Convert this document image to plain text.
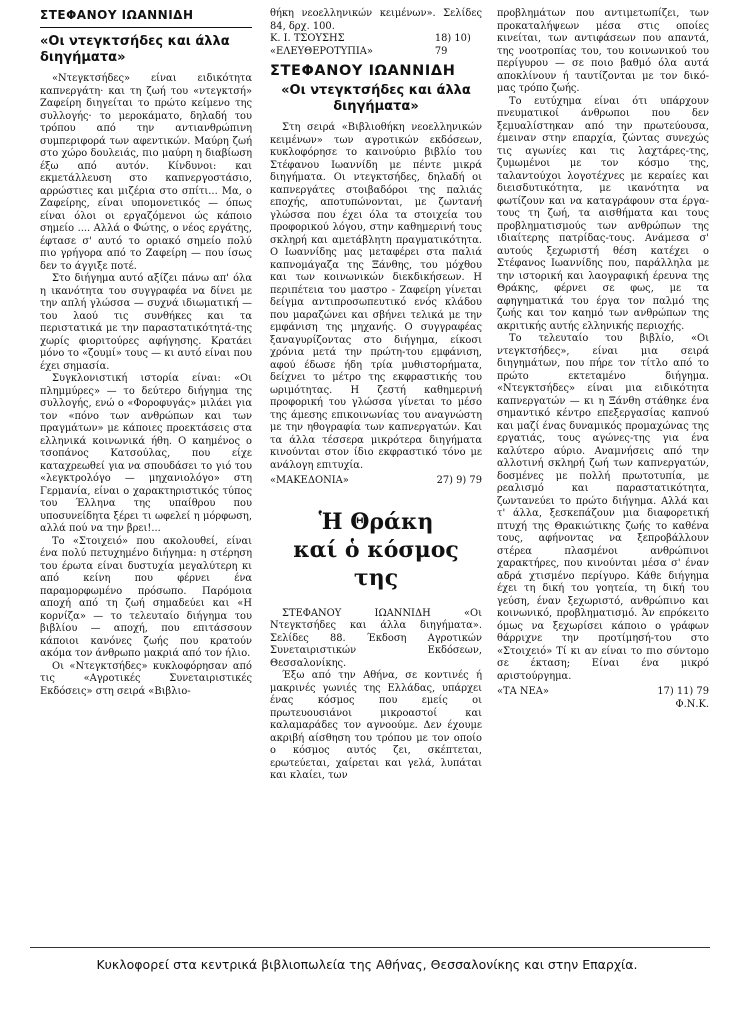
ΣΤΕΦΑΝΟΥ ΙΩΑΝΝΙΔΗ
«Οι ντεγκτσήδες και άλλα διηγήματα»

«Ντεγκτσήδες» είναι ειδικότητα καπνεργάτη· και τη ζωή του «ντεγκτσή» Ζαφείρη διηγείται το πρώτο κείμενο της συλλογής· το μεροκάματο, δηλαδή του τρόπου από την αντιανθρώπινη συμπεριφορά των αφεντικών. Μαύρη ζωή στο χώρο δουλειάς, πιο μαύρη η διαβίωση έξω από αυτόν. Κίνδυνοι: και εκμετάλλευση στο καπνεργοστάσιο, αρρώστιες και μιζέρια στο σπίτι... Μα, ο Ζαφείρης, είναι υπομονετικός — όπως είναι όλοι οι εργαζόμενοι ώς κάποιο σημείο .... Αλλά ο Φώτης, ο νέος εργάτης, έφτασε σ' αυτό το οριακό σημείο πολύ πιο γρήγορα από το Ζαφείρη — που ίσως δεν το άγγιξε ποτέ.

Στο διήγημα αυτό αξίζει πάνω απ' όλα η ικανότητα του συγγραφέα να δίνει με την απλή γλώσσα — συχνά ιδιωματική — του λαού τις συνθήκες και τα περιστατικά με την παραστατικότητά-της χωρίς φιοριτούρες αφήγησης. Κρατάει μόνο το «ζουμί» τους — κι αυτό είναι που έχει σημασία.

Συγκλονιστική ιστορία είναι: «Οι πλημμύρες» — το δεύτερο διήγημα της συλλογής, ενώ ο «Φοροφυγάς» μιλάει για τον «πόνο των ανθρώπων και των πραγμάτων» με κάποιες προεκτάσεις στα ελληνικά κοινωνικά ήθη. Ο καημένος ο τσοπάνος Κατσούλας, που είχε καταχρεωθεί για να σπουδάσει το γιό του «λεγκτρολόγο — μηχανιολόγο» στη Γερμανία, είναι ο χαρακτηριστικός τύπος του Έλληνα της υπαίθρου που υποσυνείδητα ξέρει τι ωφελεί η μόρφωση, αλλά πού να την βρει!...

Το «Στοιχειό» που ακολουθεί, είναι ένα πολύ πετυχημένο διήγημα: η στέρηση του έρωτα είναι δυστυχία μεγαλύτερη κι από κείνη που φέρνει ένα παραμορφωμένο πρόσωπο. Παρόμοια αποχή από τη ζωή σημαδεύει και «Η κορνίζα» — το τελευταίο διήγημα του βιβλίου — αποχή, που επιτάσσουν κάποιοι κανόνες ζωής που κρατούν ακόμα τον άνθρωπο μακριά από τον ήλιο.

Οι «Ντεγκτσήδες» κυκλοφόρησαν από τις «Αγροτικές Συνεταιριστικές Εκδόσεις» στη σειρά «Βιβλιο-

θήκη νεοελληνικών κειμένων». Σελίδες 84, δρχ. 100.

Κ. Ι. ΤΣΟΥΣΗΣ «ΕΛΕΥΘΕΡΟΤΥΠΙΑ»
18) 10) 79
ΣΤΕΦΑΝΟΥ ΙΩΑΝΝΙΔΗ
«Οι ντεγκτσήδες και άλλα διηγήματα»

Στη σειρά «Βιβλιοθήκη νεοελληνικών κειμένων» των αγροτικών εκδόσεων, κυκλοφόρησε το καινούριο βιβλίο του Στέφανου Ιωαννίδη με πέντε μικρά διηγήματα. Οι ντεγκτσήδες, δηλαδή οι καπνεργάτες στοιβαδόροι της παλιάς εποχής, αποτυπώνονται, με ζωντανή γλώσσα που έχει όλα τα στοιχεία του προφορικού λόγου, στην καθημερινή τους σκληρή και αμετάβλητη πραγματικότητα. Ο Ιωαννίδης μας μεταφέρει στα παλιά καπνομάγαζα της Ξάνθης, του μόχθου και των κοινωνικών διεκδικήσεων. Η περιπέτεια του μαστρο - Ζαφείρη γίνεται δείγμα αντιπροσωπευτικό ενός κλάδου που μαραζώνει και σβήνει τελικά με την εμφάνιση της μηχανής. Ο συγγραφέας ξαναγυρίζοντας στο διήγημα, είκοσι χρόνια μετά την πρώτη-του εμφάνιση, αφού έδωσε ήδη τρία μυθιστορήματα, δείχνει το μέτρο της εκφραστικής του ωριμότητας. Η ζεστή καθημερινή προφορική του γλώσσα γίνεται το μέσο της άμεσης επικοινωνίας του αναγνώστη με την ηθογραφία των καπνεργατών. Και τα άλλα τέσσερα μικρότερα διηγήματα κινούνται στον ίδιο εκφραστικό τόνο με ανάλογη επιτυχία.

«ΜΑΚΕΔΟΝΙΑ»	27) 9) 79
Ἡ Θράκη
καί ὁ κόσμος της

ΣΤΕΦΑΝΟΥ ΙΩΑΝΝΙΔΗ «Οι Ντεγκτσήδες και άλλα διηγήματα». Σελίδες 88. Έκδοση Αγροτικών Συνεταιριστικών Εκδόσεων, Θεσσαλονίκης.

Έξω από την Αθήνα, σε κοντινές ή μακρινές γωνιές της Ελλάδας, υπάρχει ένας κόσμος που εμείς οι πρωτευουσιάνοι μικροαστοί και καλαμαράδες τον αγνοούμε. Δεν έχουμε ακριβή αίσθηση του τρόπου με τον οποίο ο κόσμος αυτός ζει, σκέπτεται, ερωτεύεται, χαίρεται και γελά, λυπάται και κλαίει, των

προβλημάτων που αντιμετωπίζει, των προκαταλήψεων μέσα στις οποίες κινείται, των αντιφάσεων που απαντά, της νοοτροπίας του, του κοινωνικού του περίγυρου — σε ποιο βαθμό όλα αυτά αποκλίνουν ή ταυτίζονται με τον δικό-μας τρόπο ζωής.

Το ευτύχημα είναι ότι υπάρχουν πνευματικοί άνθρωποι που δεν ξεμυαλίστηκαν από την πρωτεύουσα, έμειναν στην επαρχία, ζώντας συνεχώς τις αγωνίες και τις λαχτάρες-της, ζυμωμένοι με τον κόσμο της, ταλαντούχοι λογοτέχνες με κεραίες και διεισδυτικότητα, με ικανότητα να φωτίζουν και να καταγράφουν στα έργα-τους τη ζωή, τα αισθήματα και τους προβληματισμούς των ανθρώπων της ιδιαίτερης πατρίδας-τους. Ανάμεσα σ' αυτούς ξεχωριστή θέση κατέχει ο Στέφανος Ιωαννίδης που, παράλληλα με την ιστορική και λαογραφική έρευνα της Θράκης, φέρνει σε φως, με τα αφηγηματικά του έργα τον παλμό της ζωής και τον καημό των ανθρώπων της ακριτικής αυτής ελληνικής περιοχής.

Το τελευταίο του βιβλίο, «Οι ντεγκτσήδες», είναι μια σειρά διηγημάτων, που πήρε τον τίτλο από το πρώτο εκτεταμένο διήγημα. «Ντεγκτσήδες» είναι μια ειδικότητα καπνεργατών — κι η Ξάνθη στάθηκε ένα σημαντικό κέντρο επεξεργασίας καπνού και μαζί ένας δυναμικός προμαχώνας της εργατιάς, τους αγώνες-της για ένα καλύτερο αύριο. Αναμνήσεις από την αλλοτινή σκληρή ζωή των καπνεργατών, δοσμένες με πολλή πρωτοτυπία, με ρεαλισμό και παραστατικότητα, ζωντανεύει το πρώτο διήγημα. Αλλά και τ' άλλα, ξεσκεπάζουν μια διαφορετική πτυχή της Θρακιώτικης ζωής το καθένα τους, αφήνοντας να ξεπροβάλλουν στέρεα πλασμένοι ανθρώπινοι χαρακτήρες, που κινούνται μέσα σ' έναν αδρά χτισμένο περίγυρο. Κάθε διήγημα έχει τη δική του γοητεία, τη δική του γεύση, έναν ξεχωριστό, ανθρώπινο και κοινωνικό, προβληματισμό. Άν επρόκειτο όμως να ξεχωρίσει κάποιο ο γράφων θάρριχνε την προτίμησή-του στο «Στοιχειό» Τί κι αν είναι το πιο σύντομο σε έκταση; Είναι ένα μικρό αριστούργημα.

«ΤΑ ΝΕΑ»	17) 11) 79
Φ.Ν.Κ.
Κυκλοφορεί στα κεντρικά βιβλιοπωλεία της Αθήνας, Θεσσαλονίκης και στην Επαρχία.
